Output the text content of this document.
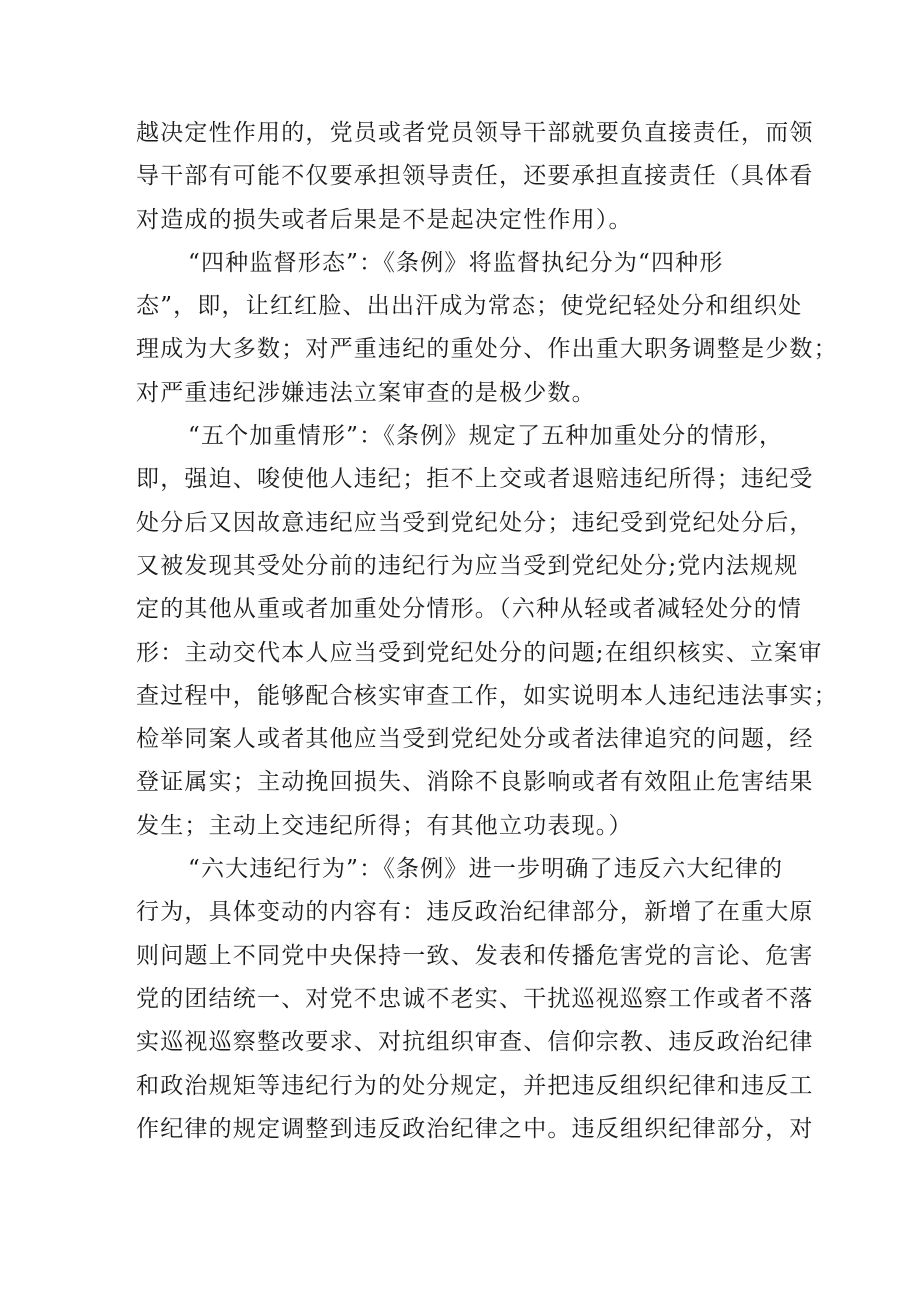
越决定性作用的，党员或者党员领导干部就要负直接责任，而领
导干部有可能不仅要承担领导责任，还要承担直接责任（具体看
对造成的损失或者后果是不是起决定性作用）。
“四种监督形态”：《条例》将监督执纪分为“四种形
态”，即，让红红脸、出出汗成为常态；使党纪轻处分和组织处
理成为大多数；对严重违纪的重处分、作出重大职务调整是少数；
对严重违纪涉嫌违法立案审查的是极少数。
“五个加重情形”：《条例》规定了五种加重处分的情形，
即，强迫、唆使他人违纪；拒不上交或者退赔违纪所得；违纪受
处分后又因故意违纪应当受到党纪处分；违纪受到党纪处分后，
又被发现其受处分前的违纪行为应当受到党纪处分;党内法规规
定的其他从重或者加重处分情形。（六种从轻或者减轻处分的情
形：主动交代本人应当受到党纪处分的问题;在组织核实、立案审
查过程中，能够配合核实审查工作，如实说明本人违纪违法事实；
检举同案人或者其他应当受到党纪处分或者法律追究的问题，经
登证属实；主动挽回损失、消除不良影响或者有效阻止危害结果
发生；主动上交违纪所得；有其他立功表现。）
“六大违纪行为”：《条例》进一步明确了违反六大纪律的
行为，具体变动的内容有：违反政治纪律部分，新增了在重大原
则问题上不同党中央保持一致、发表和传播危害党的言论、危害
党的团结统一、对党不忠诚不老实、干扰巡视巡察工作或者不落
实巡视巡察整改要求、对抗组织审查、信仰宗教、违反政治纪律
和政治规矩等违纪行为的处分规定，并把违反组织纪律和违反工
作纪律的规定调整到违反政治纪律之中。违反组织纪律部分，对
